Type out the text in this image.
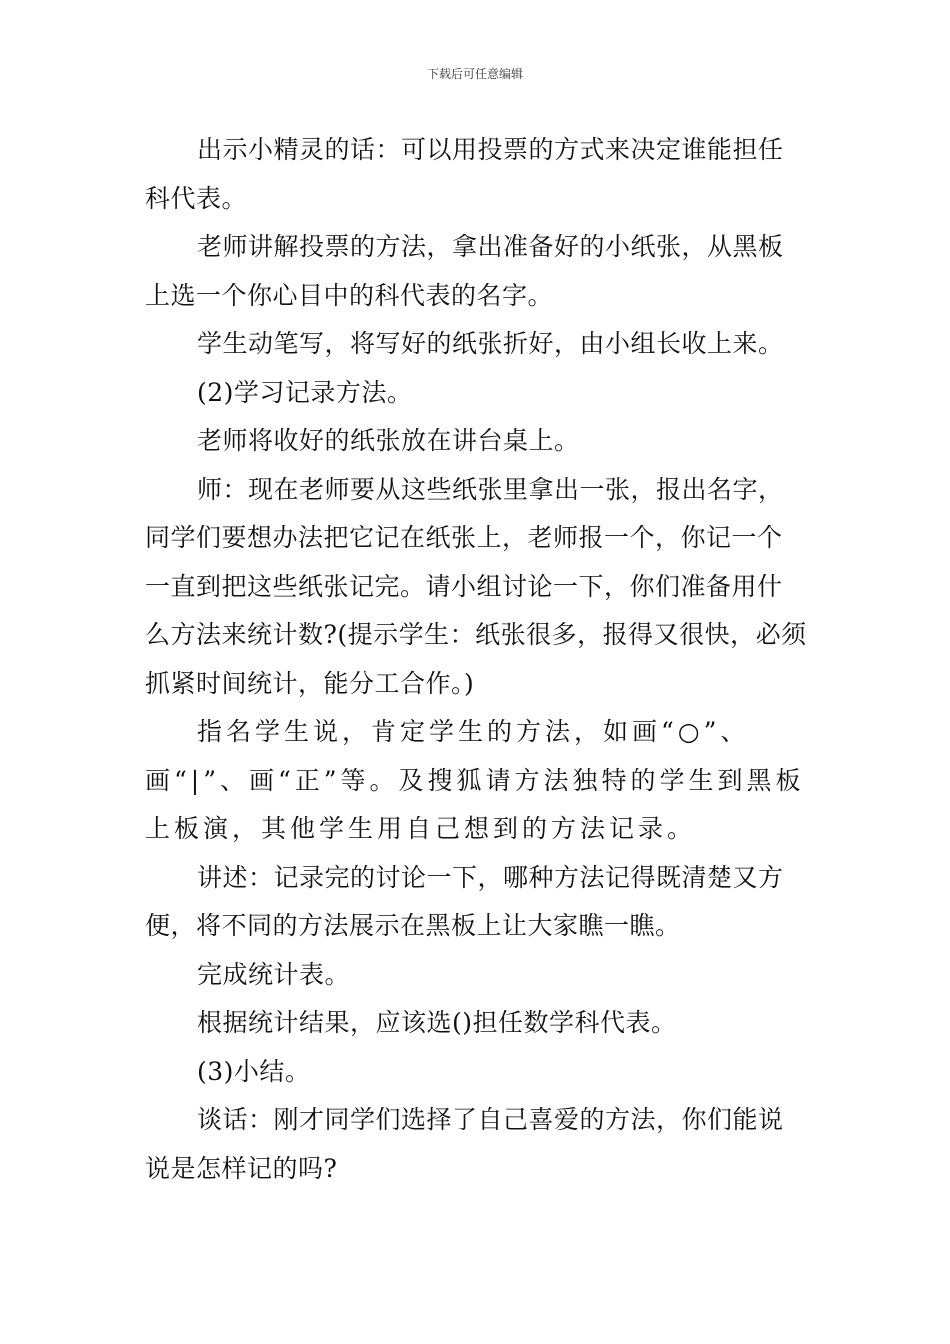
下载后可任意编辑

出示小精灵的话：可以用投票的方式来决定谁能担任科代表。

老师讲解投票的方法，拿出准备好的小纸张，从黑板上选一个你心目中的科代表的名字。

学生动笔写，将写好的纸张折好，由小组长收上来。

(2)学习记录方法。

老师将收好的纸张放在讲台桌上。

师：现在老师要从这些纸张里拿出一张，报出名字，同学们要想办法把它记在纸张上，老师报一个，你记一个一直到把这些纸张记完。请小组讨论一下，你们准备用什么方法来统计数?(提示学生：纸张很多，报得又很快，必须抓紧时间统计，能分工合作。)

指名学生说，肯定学生的方法，如画“○”、画“|”、画“正”等。及搜狐请方法独特的学生到黑板上板演，其他学生用自己想到的方法记录。

讲述：记录完的讨论一下，哪种方法记得既清楚又方便，将不同的方法展示在黑板上让大家瞧一瞧。

完成统计表。

根据统计结果，应该选()担任数学科代表。

(3)小结。

谈话：刚才同学们选择了自己喜爱的方法，你们能说说是怎样记的吗?
